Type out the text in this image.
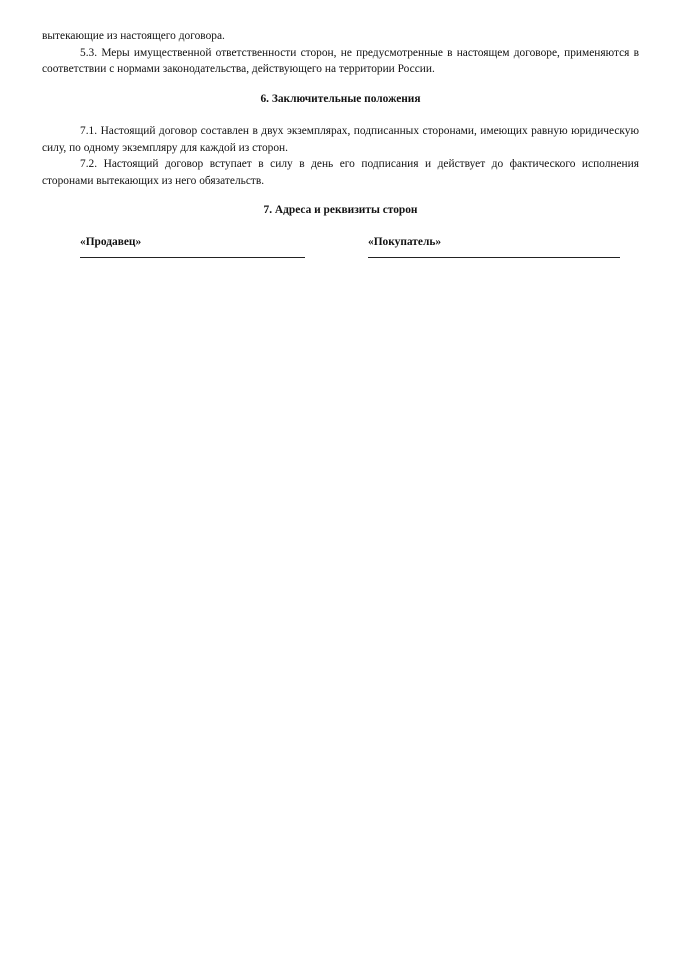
вытекающие из настоящего договора.

5.3. Меры имущественной ответственности сторон, не предусмотренные в настоящем договоре, применяются в соответствии с нормами законодательства, действующего на территории России.

6. Заключительные положения

7.1. Настоящий договор составлен в двух экземплярах, подписанных сторонами, имеющих равную юридическую силу, по одному экземпляру для каждой из сторон.

7.2. Настоящий договор вступает в силу в день его подписания и действует до фактического исполнения сторонами вытекающих из него обязательств.

7. Адреса и реквизиты сторон

«Продавец»	«Покупатель»
